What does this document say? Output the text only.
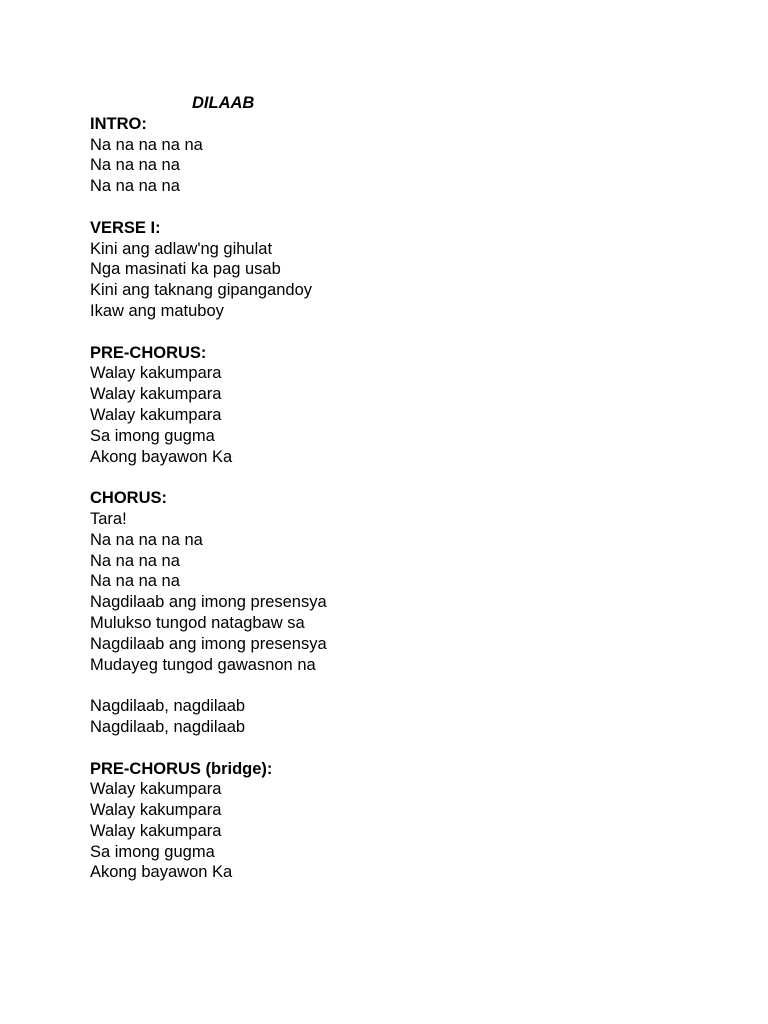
DILAAB
INTRO:
Na na na na na
Na na na na
Na na na na
VERSE I:
Kini ang adlaw'ng gihulat
Nga masinati ka pag usab
Kini ang taknang gipangandoy
Ikaw ang matuboy
PRE-CHORUS:
Walay kakumpara
Walay kakumpara
Walay kakumpara
Sa imong gugma
Akong bayawon Ka
CHORUS:
Tara!
Na na na na na
Na na na na
Na na na na
Nagdilaab ang imong presensya
Mulukso tungod natagbaw sa
Nagdilaab ang imong presensya
Mudayeg tungod gawasnon na
Nagdilaab, nagdilaab
Nagdilaab, nagdilaab
PRE-CHORUS (bridge):
Walay kakumpara
Walay kakumpara
Walay kakumpara
Sa imong gugma
Akong bayawon Ka
